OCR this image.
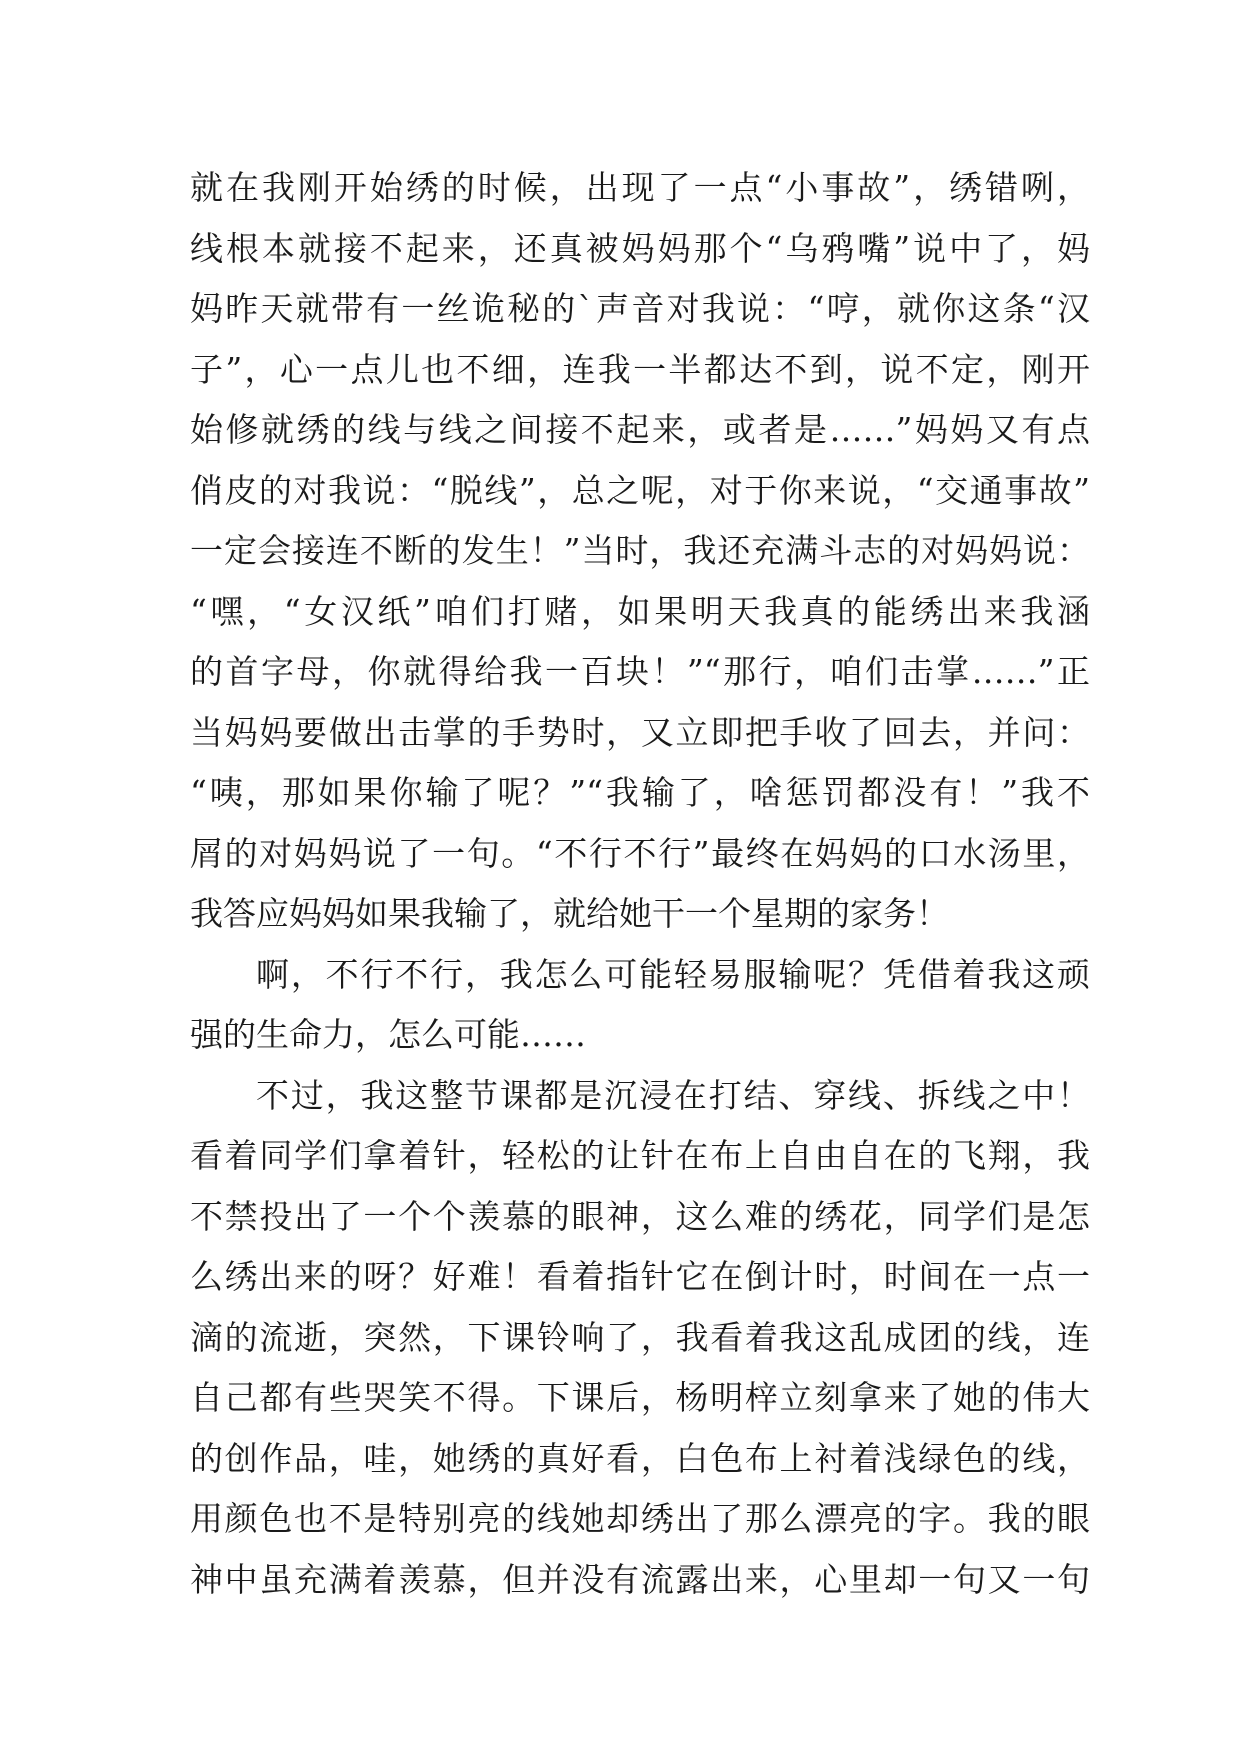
就在我刚开始绣的时候，出现了一点“小事故”，绣错咧，
线根本就接不起来，还真被妈妈那个“乌鸦嘴”说中了，妈
妈昨天就带有一丝诡秘的`声音对我说：“哼，就你这条“汉
子”，心一点儿也不细，连我一半都达不到，说不定，刚开
始修就绣的线与线之间接不起来，或者是……”妈妈又有点
俏皮的对我说：“脱线”，总之呢，对于你来说，“交通事故”
一定会接连不断的发生！”当时，我还充满斗志的对妈妈说：
“嘿，“女汉纸”咱们打赌，如果明天我真的能绣出来我涵
的首字母，你就得给我一百块！”“那行，咱们击掌……”正
当妈妈要做出击掌的手势时，又立即把手收了回去，并问：
“咦，那如果你输了呢？”“我输了，啥惩罚都没有！”我不
屑的对妈妈说了一句。“不行不行”最终在妈妈的口水汤里，
我答应妈妈如果我输了，就给她干一个星期的家务！
啊，不行不行，我怎么可能轻易服输呢？凭借着我这顽
强的生命力，怎么可能……
不过，我这整节课都是沉浸在打结、穿线、拆线之中！
看着同学们拿着针，轻松的让针在布上自由自在的飞翔，我
不禁投出了一个个羡慕的眼神，这么难的绣花，同学们是怎
么绣出来的呀？好难！看着指针它在倒计时，时间在一点一
滴的流逝，突然，下课铃响了，我看着我这乱成团的线，连
自己都有些哭笑不得。下课后，杨明梓立刻拿来了她的伟大
的创作品，哇，她绣的真好看，白色布上衬着浅绿色的线，
用颜色也不是特别亮的线她却绣出了那么漂亮的字。我的眼
神中虽充满着羡慕，但并没有流露出来，心里却一句又一句
